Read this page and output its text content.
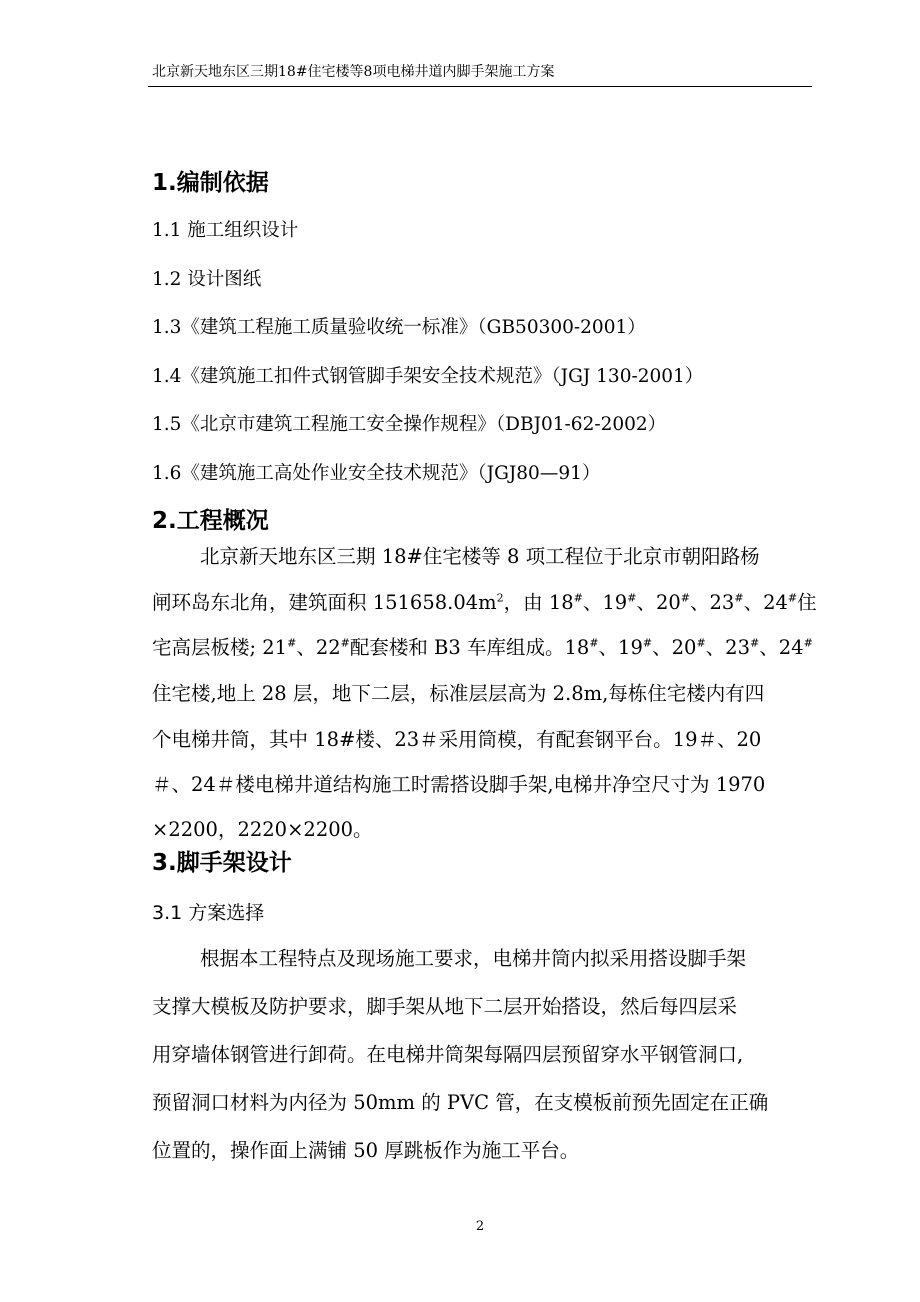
北京新天地东区三期18#住宅楼等8项电梯井道内脚手架施工方案
1.编制依据
1.1 施工组织设计
1.2 设计图纸
1.3《建筑工程施工质量验收统一标准》（GB50300-2001）
1.4《建筑施工扣件式钢管脚手架安全技术规范》（JGJ 130-2001）
1.5《北京市建筑工程施工安全操作规程》（DBJ01-62-2002）
1.6《建筑施工高处作业安全技术规范》（JGJ80—91）
2.工程概况
北京新天地东区三期 18#住宅楼等 8 项工程位于北京市朝阳路杨
闸环岛东北角，建筑面积 $151658.04m^2$，由 18#、19#、20#、23#、24#住
宅高层板楼; 21#、22#配套楼和 B3 车库组成。18#、19#、20#、23#、24#
住宅楼,地上 28 层，地下二层，标准层层高为 2.8m,每栋住宅楼内有四
个电梯井筒，其中 18#楼、23＃采用筒模，有配套钢平台。19＃、20
＃、24＃楼电梯井道结构施工时需搭设脚手架,电梯井净空尺寸为 1970
×2200，2220×2200。
3.脚手架设计
3.1 方案选择
根据本工程特点及现场施工要求，电梯井筒内拟采用搭设脚手架
支撑大模板及防护要求，脚手架从地下二层开始搭设，然后每四层采
用穿墙体钢管进行卸荷。在电梯井筒架每隔四层预留穿水平钢管洞口,
预留洞口材料为内径为 50mm 的 PVC 管，在支模板前预先固定在正确
位置的，操作面上满铺 50 厚跳板作为施工平台。
2
